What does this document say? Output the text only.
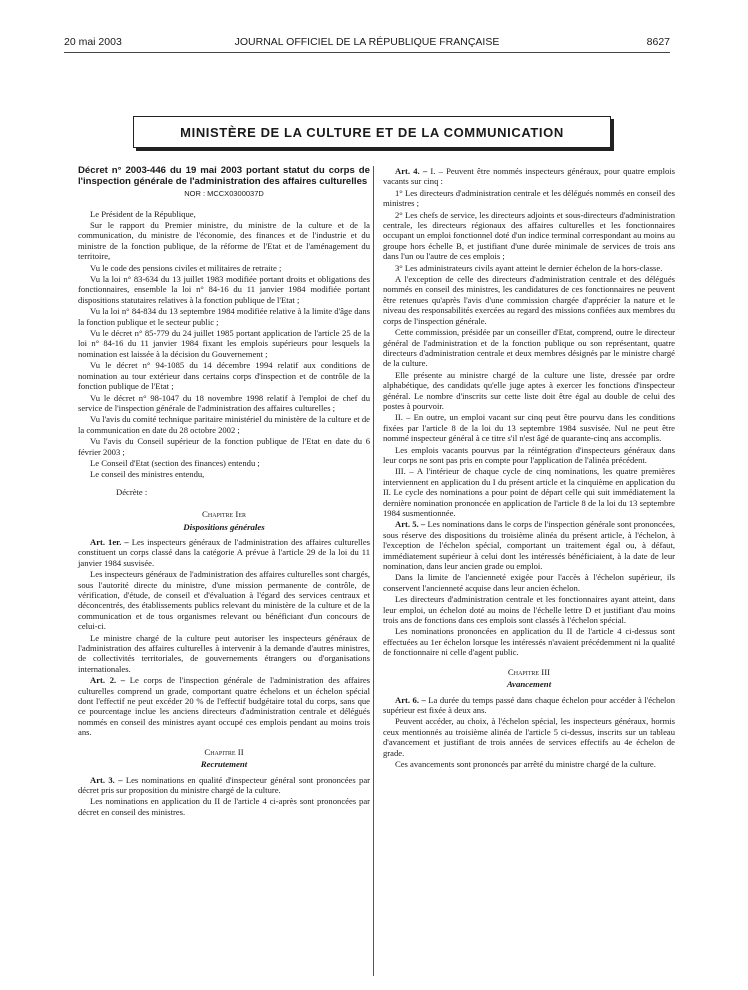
20 mai 2003	JOURNAL OFFICIEL DE LA RÉPUBLIQUE FRANÇAISE	8627
MINISTÈRE DE LA CULTURE ET DE LA COMMUNICATION
Décret n° 2003-446 du 19 mai 2003 portant statut du corps de l'inspection générale de l'administration des affaires culturelles
NOR : MCCX0300037D

Le Président de la République,

Sur le rapport du Premier ministre, du ministre de la culture et de la communication, du ministre de l'économie, des finances et de l'industrie et du ministre de la fonction publique, de la réforme de l'Etat et de l'aménagement du territoire,

Vu le code des pensions civiles et militaires de retraite ;

Vu la loi n° 83-634 du 13 juillet 1983 modifiée portant droits et obligations des fonctionnaires, ensemble la loi n° 84-16 du 11 janvier 1984 modifiée portant dispositions statutaires relatives à la fonction publique de l'Etat ;

Vu la loi n° 84-834 du 13 septembre 1984 modifiée relative à la limite d'âge dans la fonction publique et le secteur public ;

Vu le décret n° 85-779 du 24 juillet 1985 portant application de l'article 25 de la loi n° 84-16 du 11 janvier 1984 fixant les emplois supérieurs pour lesquels la nomination est laissée à la décision du Gouvernement ;

Vu le décret n° 94-1085 du 14 décembre 1994 relatif aux conditions de nomination au tour extérieur dans certains corps d'inspection et de contrôle de la fonction publique de l'Etat ;

Vu le décret n° 98-1047 du 18 novembre 1998 relatif à l'emploi de chef du service de l'inspection générale de l'administration des affaires culturelles ;

Vu l'avis du comité technique paritaire ministériel du ministère de la culture et de la communication en date du 28 octobre 2002 ;

Vu l'avis du Conseil supérieur de la fonction publique de l'Etat en date du 6 février 2003 ;

Le Conseil d'Etat (section des finances) entendu ;

Le conseil des ministres entendu,

Décrète :

Chapitre Ier

Dispositions générales

Art. 1er. – Les inspecteurs généraux de l'administration des affaires culturelles constituent un corps classé dans la catégorie A prévue à l'article 29 de la loi du 11 janvier 1984 susvisée.

Les inspecteurs généraux de l'administration des affaires culturelles sont chargés, sous l'autorité directe du ministre, d'une mission permanente de contrôle, de vérification, d'étude, de conseil et d'évaluation à l'égard des services centraux et déconcentrés, des établissements publics relevant du ministère de la culture et de la communication et de tous organismes relevant ou bénéficiant d'un concours de celui-ci.

Le ministre chargé de la culture peut autoriser les inspecteurs généraux de l'administration des affaires culturelles à intervenir à la demande d'autres ministres, de collectivités territoriales, de gouvernements étrangers ou d'organisations internationales.

Art. 2. – Le corps de l'inspection générale de l'administration des affaires culturelles comprend un grade, comportant quatre échelons et un échelon spécial dont l'effectif ne peut excéder 20 % de l'effectif budgétaire total du corps, sans que ce pourcentage inclue les anciens directeurs d'administration centrale et délégués nommés en conseil des ministres ayant occupé ces emplois pendant au moins trois ans.

Chapitre II

Recrutement

Art. 3. – Les nominations en qualité d'inspecteur général sont prononcées par décret pris sur proposition du ministre chargé de la culture.

Les nominations en application du II de l'article 4 ci-après sont prononcées par décret en conseil des ministres.

Art. 4. – I. – Peuvent être nommés inspecteurs généraux, pour quatre emplois vacants sur cinq :

1° Les directeurs d'administration centrale et les délégués nommés en conseil des ministres ;

2° Les chefs de service, les directeurs adjoints et sous-directeurs d'administration centrale, les directeurs régionaux des affaires culturelles et les fonctionnaires occupant un emploi fonctionnel doté d'un indice terminal correspondant au moins au groupe hors échelle B, et justifiant d'une durée minimale de services de trois ans dans l'un ou l'autre de ces emplois ;

3° Les administrateurs civils ayant atteint le dernier échelon de la hors-classe.

A l'exception de celle des directeurs d'administration centrale et des délégués nommés en conseil des ministres, les candidatures de ces fonctionnaires ne peuvent être retenues qu'après l'avis d'une commission chargée d'apprécier la nature et le niveau des responsabilités exercées au regard des missions confiées aux membres du corps de l'inspection générale.

Cette commission, présidée par un conseiller d'Etat, comprend, outre le directeur général de l'administration et de la fonction publique ou son représentant, quatre directeurs d'administration centrale et deux membres désignés par le ministre chargé de la culture.

Elle présente au ministre chargé de la culture une liste, dressée par ordre alphabétique, des candidats qu'elle juge aptes à exercer les fonctions d'inspecteur général. Le nombre d'inscrits sur cette liste doit être égal au double de celui des postes à pourvoir.

II. – En outre, un emploi vacant sur cinq peut être pourvu dans les conditions fixées par l'article 8 de la loi du 13 septembre 1984 susvisée. Nul ne peut être nommé inspecteur général à ce titre s'il n'est âgé de quarante-cinq ans accomplis.

Les emplois vacants pourvus par la réintégration d'inspecteurs généraux dans leur corps ne sont pas pris en compte pour l'application de l'alinéa précédent.

III. – A l'intérieur de chaque cycle de cinq nominations, les quatre premières interviennent en application du I du présent article et la cinquième en application du II. Le cycle des nominations a pour point de départ celle qui suit immédiatement la dernière nomination prononcée en application de l'article 8 de la loi du 13 septembre 1984 susmentionnée.

Art. 5. – Les nominations dans le corps de l'inspection générale sont prononcées, sous réserve des dispositions du troisième alinéa du présent article, à l'échelon, à l'exception de l'échelon spécial, comportant un traitement égal ou, à défaut, immédiatement supérieur à celui dont les intéressés bénéficiaient, à la date de leur nomination, dans leur ancien grade ou emploi.

Dans la limite de l'ancienneté exigée pour l'accès à l'échelon supérieur, ils conservent l'ancienneté acquise dans leur ancien échelon.

Les directeurs d'administration centrale et les fonctionnaires ayant atteint, dans leur emploi, un échelon doté au moins de l'échelle lettre D et justifiant d'au moins trois ans de fonctions dans ces emplois sont classés à l'échelon spécial.

Les nominations prononcées en application du II de l'article 4 ci-dessus sont effectuées au 1er échelon lorsque les intéressés n'avaient précédemment ni la qualité de fonctionnaire ni celle d'agent public.

Chapitre III

Avancement

Art. 6. – La durée du temps passé dans chaque échelon pour accéder à l'échelon supérieur est fixée à deux ans.

Peuvent accéder, au choix, à l'échelon spécial, les inspecteurs généraux, hormis ceux mentionnés au troisième alinéa de l'article 5 ci-dessus, inscrits sur un tableau d'avancement et justifiant de trois années de services effectifs au 4e échelon de grade.

Ces avancements sont prononcés par arrêté du ministre chargé de la culture.
